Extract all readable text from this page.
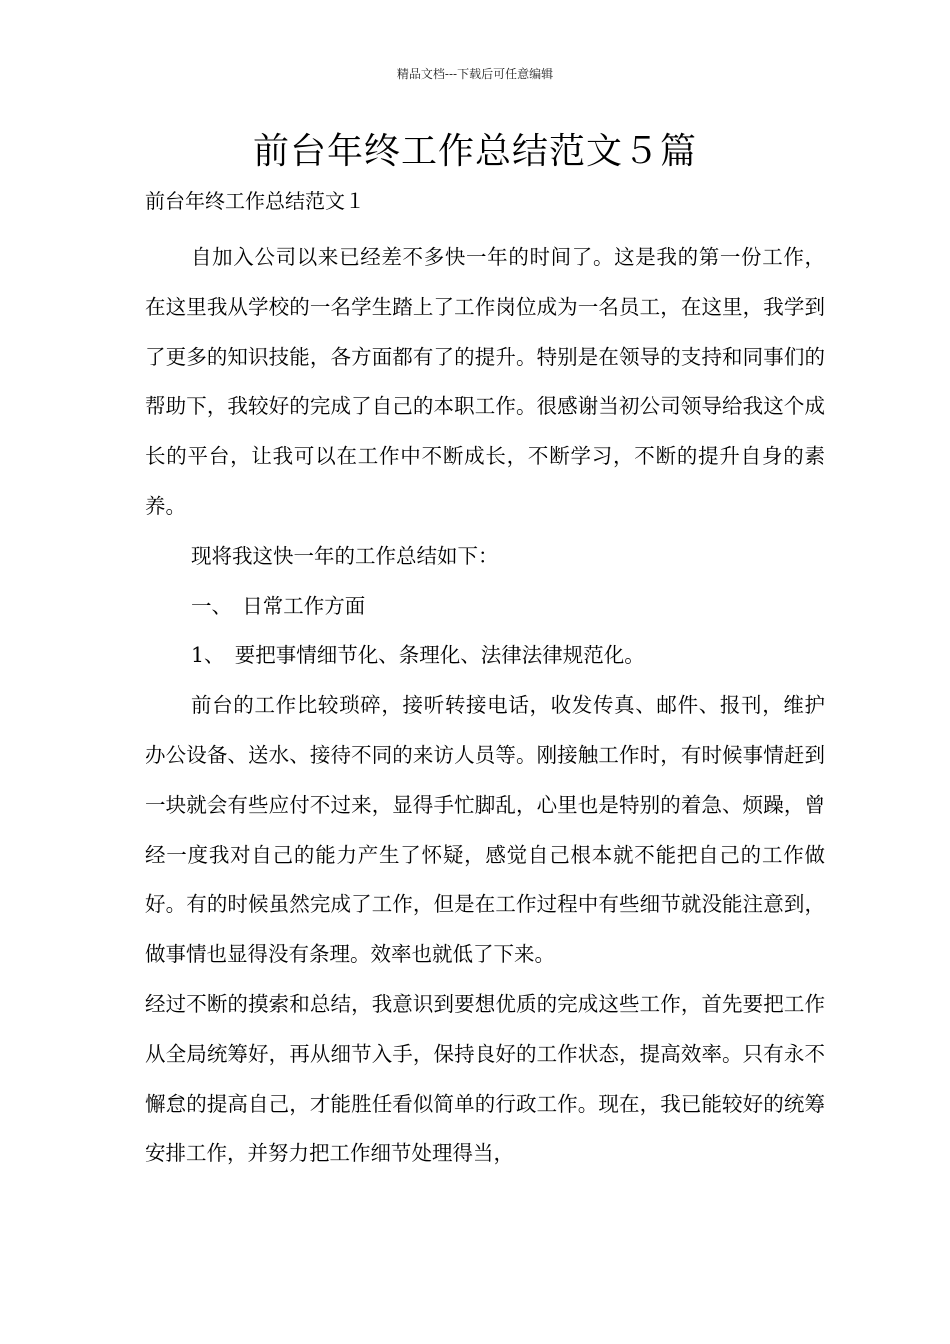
精品文档---下载后可任意编辑
前台年终工作总结范文５篇
前台年终工作总结范文１

自加入公司以来已经差不多快一年的时间了。这是我的第一份工作，在这里我从学校的一名学生踏上了工作岗位成为一名员工，在这里，我学到了更多的知识技能，各方面都有了的提升。特别是在领导的支持和同事们的帮助下，我较好的完成了自己的本职工作。很感谢当初公司领导给我这个成长的平台，让我可以在工作中不断成长，不断学习，不断的提升自身的素养。

现将我这快一年的工作总结如下：

一、　日常工作方面

1、　要把事情细节化、条理化、法律法律规范化。

前台的工作比较琐碎，接听转接电话，收发传真、邮件、报刊，维护办公设备、送水、接待不同的来访人员等。刚接触工作时，有时候事情赶到一块就会有些应付不过来，显得手忙脚乱，心里也是特别的着急、烦躁，曾经一度我对自己的能力产生了怀疑，感觉自己根本就不能把自己的工作做好。有的时候虽然完成了工作，但是在工作过程中有些细节就没能注意到，做事情也显得没有条理。效率也就低了下来。

经过不断的摸索和总结，我意识到要想优质的完成这些工作，首先要把工作从全局统筹好，再从细节入手，保持良好的工作状态，提高效率。只有永不懈怠的提高自己，才能胜任看似简单的行政工作。现在，我已能较好的统筹安排工作，并努力把工作细节处理得当，
